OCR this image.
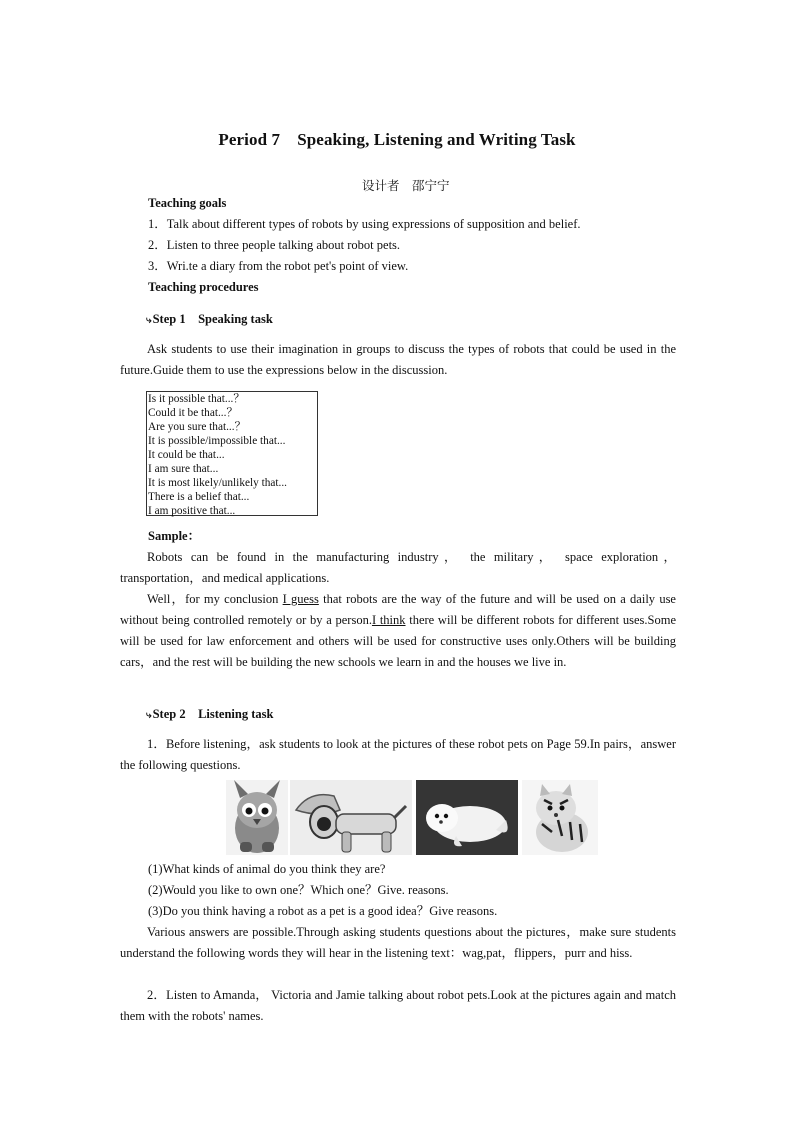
Period 7　Speaking, Listening and Writing Task
设计者　邵宁宁
Teaching goals
1．Talk about different types of robots by using expressions of supposition and belief.
2．Listen to three people talking about robot pets.
3．Wri.te a diary from the robot pet's point of view.
Teaching procedures
⤷Step 1　Speaking task
Ask students to use their imagination in groups to discuss the types of robots that could be used in the future.Guide them to use the expressions below in the discussion.
Is it possible that...？
Could it be that...？
Are you sure that...？
It is possible/impossible that...
It could be that...
I am sure that...
It is most likely/unlikely that...
There is a belief that...
I am positive that...
Sample：
Robots can be found in the manufacturing industry， the military， space exploration， transportation，and medical applications.
Well，for my conclusion I guess that robots are the way of the future and will be used on a daily use without being controlled remotely or by a person.I think there will be different robots for different uses.Some will be used for law enforcement and others will be used for constructive uses only.Others will be building cars，and the rest will be building the new schools we learn in and the houses we live in.
⤷Step 2　Listening task
1．Before listening，ask students to look at the pictures of these robot pets on Page 59.In pairs，answer the following questions.
(1)What kinds of animal do you think they are?
(2)Would you like to own one？Which one？Give. reasons.
(3)Do you think having a robot as a pet is a good idea？Give reasons.
Various answers are possible.Through asking students questions about the pictures，make sure students understand the following words they will hear in the listening text：wag,pat，flippers，purr and hiss.
2．Listen to Amanda， Victoria and Jamie talking about robot pets.Look at the pictures again and match them with the robots' names.
